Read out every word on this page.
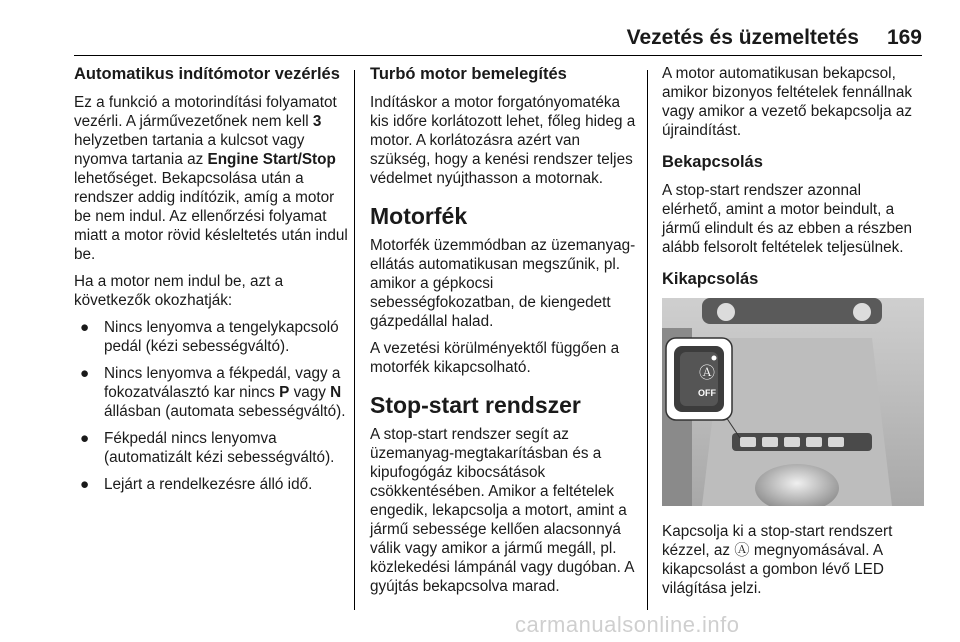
Vezetés és üzemeltetés 169
Automatikus indítómotor vezérlés

Ez a funkció a motorindítási folyamatot vezérli. A járművezetőnek nem kell 3 helyzetben tartania a kulcsot vagy nyomva tartania az Engine Start/Stop lehetőséget. Bekapcsolása után a rendszer addig indítózik, amíg a motor be nem indul. Az ellenőrzési folyamat miatt a motor rövid késleltetés után indul be.

Ha a motor nem indul be, azt a következők okozhatják:

● Nincs lenyomva a tengelykapcsoló pedál (kézi sebességváltó).
● Nincs lenyomva a fékpedál, vagy a fokozatválasztó kar nincs P vagy N állásban (automata sebességváltó).
● Fékpedál nincs lenyomva (automatizált kézi sebességváltó).
● Lejárt a rendelkezésre álló idő.
Turbó motor bemelegítés

Indításkor a motor forgatónyomatéka kis időre korlátozott lehet, főleg hideg a motor. A korlátozásra azért van szükség, hogy a kenési rendszer teljes védelmet nyújthasson a motornak.

Motorfék

Motorfék üzemmódban az üzemanyag-ellátás automatikusan megszűnik, pl. amikor a gépkocsi sebességfokozatban, de kiengedett gázpedállal halad.

A vezetési körülményektől függően a motorfék kikapcsolható.

Stop-start rendszer

A stop-start rendszer segít az üzemanyag-megtakarításban és a kipufogógáz kibocsátások csökkentésében. Amikor a feltételek engedik, lekapcsolja a motort, amint a jármű sebessége kellően alacsonnyá válik vagy amikor a jármű megáll, pl. közlekedési lámpánál vagy dugóban. A gyújtás bekapcsolva marad.

A motor automatikusan bekapcsol, amikor bizonyos feltételek fennállnak vagy amikor a vezető bekapcsolja az újraindítást.

Bekapcsolás

A stop-start rendszer azonnal elérhető, amint a motor beindult, a jármű elindult és az ebben a részben alább felsorolt feltételek teljesülnek.

Kikapcsolás
Ⓐ
OFF

Kapcsolja ki a stop-start rendszert kézzel, az Ⓐ megnyomásával. A kikapcsolást a gombon lévő LED világítása jelzi.

carmanualsonline.info
